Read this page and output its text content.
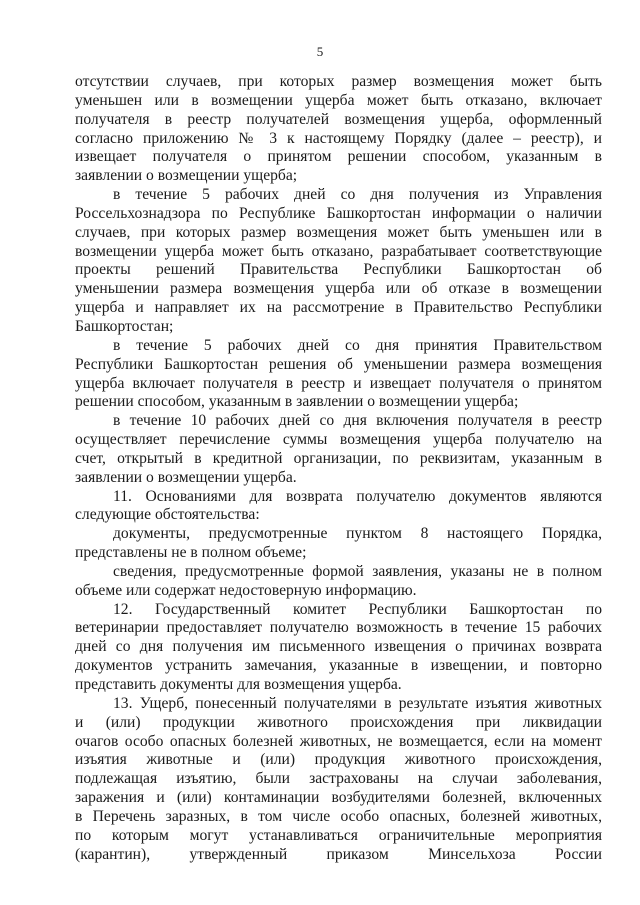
5
отсутствии случаев, при которых размер возмещения может быть
уменьшен или в возмещении ущерба может быть отказано, включает
получателя в реестр получателей возмещения ущерба, оформленный
согласно приложению № 3 к настоящему Порядку (далее – реестр), и
извещает получателя о принятом решении способом, указанным в
заявлении о возмещении ущерба;
в течение 5 рабочих дней со дня получения из Управления
Россельхознадзора по Республике Башкортостан информации о наличии
случаев, при которых размер возмещения может быть уменьшен или в
возмещении ущерба может быть отказано, разрабатывает соответствующие
проекты решений Правительства Республики Башкортостан об
уменьшении размера возмещения ущерба или об отказе в возмещении
ущерба и направляет их на рассмотрение в Правительство Республики
Башкортостан;
в течение 5 рабочих дней со дня принятия Правительством
Республики Башкортостан решения об уменьшении размера возмещения
ущерба включает получателя в реестр и извещает получателя о принятом
решении способом, указанным в заявлении о возмещении ущерба;
в течение 10 рабочих дней со дня включения получателя в реестр
осуществляет перечисление суммы возмещения ущерба получателю на
счет, открытый в кредитной организации, по реквизитам, указанным в
заявлении о возмещении ущерба.
11. Основаниями для возврата получателю документов являются
следующие обстоятельства:
документы, предусмотренные пунктом 8 настоящего Порядка,
представлены не в полном объеме;
сведения, предусмотренные формой заявления, указаны не в полном
объеме или содержат недостоверную информацию.
12. Государственный комитет Республики Башкортостан по
ветеринарии предоставляет получателю возможность в течение 15 рабочих
дней со дня получения им письменного извещения о причинах возврата
документов устранить замечания, указанные в извещении, и повторно
представить документы для возмещения ущерба.
13. Ущерб, понесенный получателями в результате изъятия животных
и (или) продукции животного происхождения при ликвидации
очагов особо опасных болезней животных, не возмещается, если на момент
изъятия животные и (или) продукция животного происхождения,
подлежащая изъятию, были застрахованы на случаи заболевания,
заражения и (или) контаминации возбудителями болезней, включенных
в Перечень заразных, в том числе особо опасных, болезней животных,
по которым могут устанавливаться ограничительные мероприятия
(карантин), утвержденный приказом Минсельхоза России
